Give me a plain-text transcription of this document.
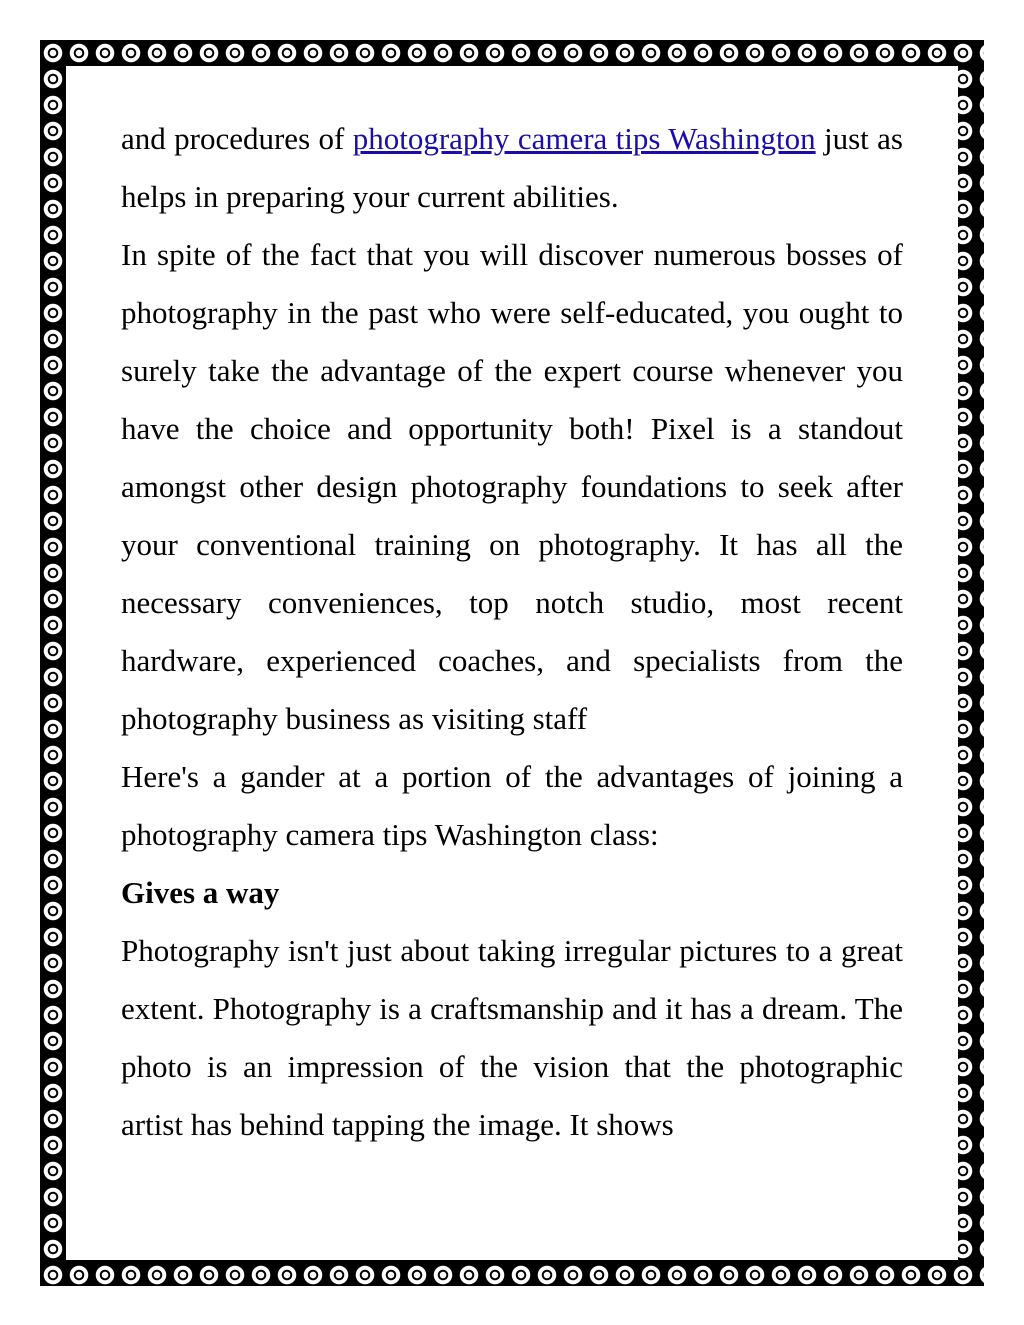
and procedures of photography camera tips Washington just as helps in preparing your current abilities.

In spite of the fact that you will discover numerous bosses of photography in the past who were self-educated, you ought to surely take the advantage of the expert course whenever you have the choice and opportunity both! Pixel is a standout amongst other design photography foundations to seek after your conventional training on photography. It has all the necessary conveniences, top notch studio, most recent hardware, experienced coaches, and specialists from the photography business as visiting staff

Here's a gander at a portion of the advantages of joining a photography camera tips Washington class:

Gives a way

Photography isn't just about taking irregular pictures to a great extent. Photography is a craftsmanship and it has a dream. The photo is an impression of the vision that the photographic artist has behind tapping the image. It shows
